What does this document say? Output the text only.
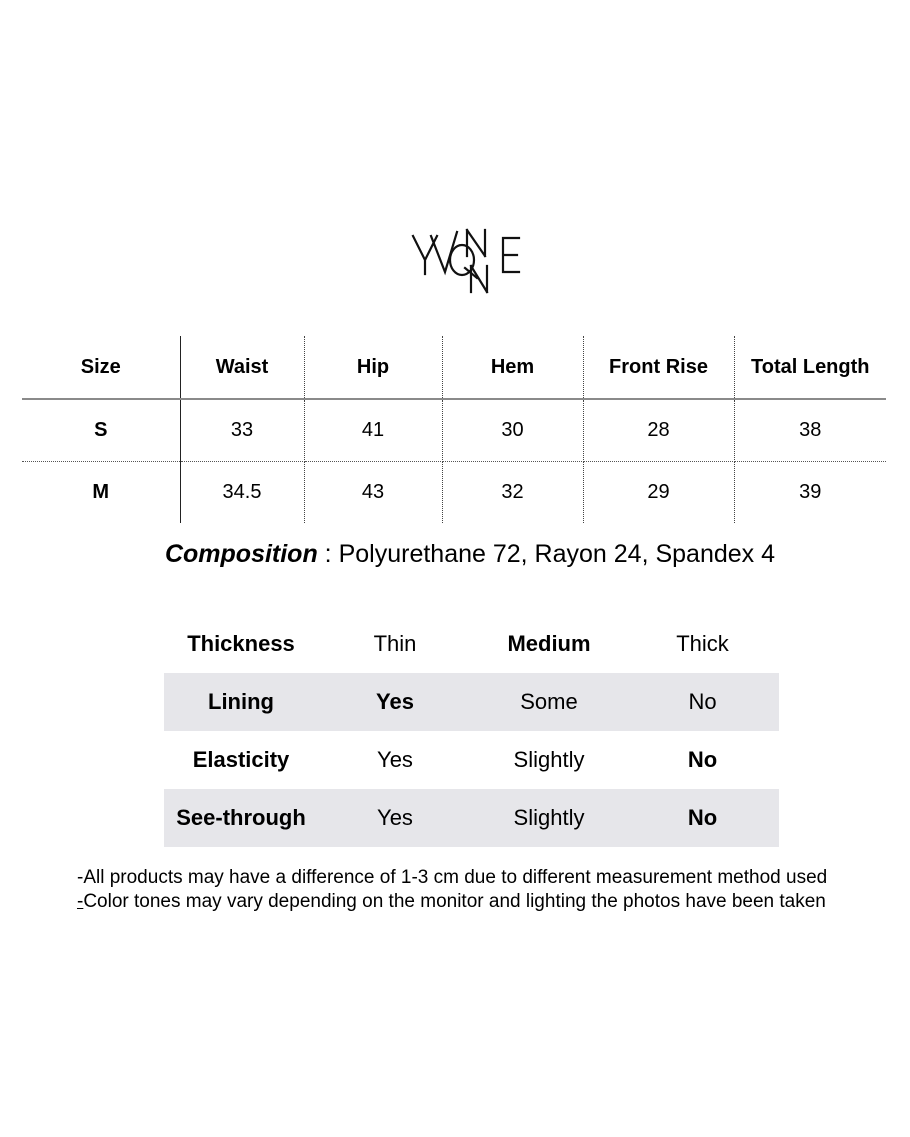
Size	Waist	Hip	Hem	Front Rise	Total Length
S	33	41	30	28	38
M	34.5	43	32	29	39
Composition : Polyurethane 72, Rayon 24, Spandex 4
Thickness	Thin	Medium	Thick
Lining	Yes	Some	No
Elasticity	Yes	Slightly	No
See-through	Yes	Slightly	No
-All products may have a difference of 1-3 cm due to different measurement method used
-Color tones may vary depending on the monitor and lighting the photos have been taken
